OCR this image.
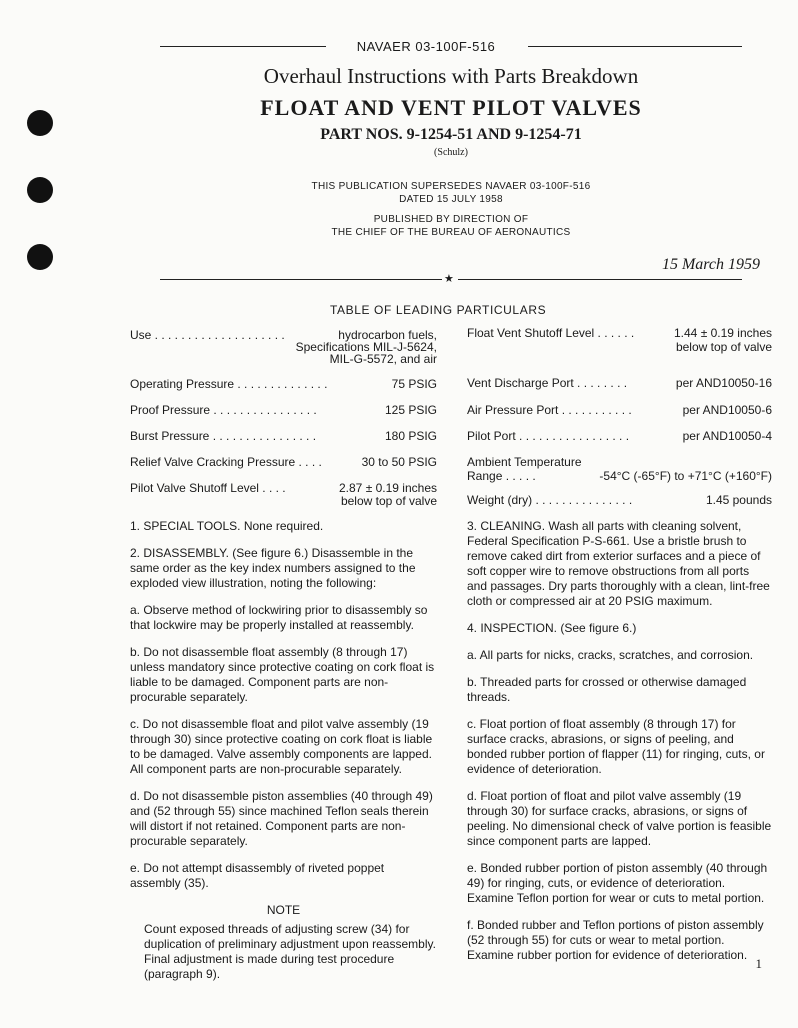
NAVAER 03-100F-516
Overhaul Instructions with Parts Breakdown
FLOAT AND VENT PILOT VALVES
PART NOS. 9-1254-51 AND 9-1254-71
(Schulz)
THIS PUBLICATION SUPERSEDES NAVAER 03-100F-516
DATED 15 JULY 1958
PUBLISHED BY DIRECTION OF
THE CHIEF OF THE BUREAU OF AERONAUTICS
15 March 1959
★
TABLE OF LEADING PARTICULARS
Use . . . . . . . . . . . . . . . . . . . .	hydrocarbon fuels,
Specifications MIL-J-5624,
MIL-G-5572, and air
Operating Pressure . . . . . . . . . . . . . .	75 PSIG
Proof Pressure . . . . . . . . . . . . . . . .	125 PSIG
Burst Pressure . . . . . . . . . . . . . . . .	180 PSIG
Relief Valve Cracking Pressure . . . .	30 to 50 PSIG
Pilot Valve Shutoff Level . . . .	2.87 ± 0.19 inches
below top of valve
Float Vent Shutoff Level . . . . . .	1.44 ± 0.19 inches
below top of valve
Vent Discharge Port . . . . . . . .	per AND10050-16
Air Pressure Port . . . . . . . . . . .	per AND10050-6
Pilot Port . . . . . . . . . . . . . . . . .	per AND10050-4
Ambient Temperature
Range . . . . .	-54°C (-65°F) to +71°C (+160°F)
Weight (dry) . . . . . . . . . . . . . . .	1.45 pounds

1. SPECIAL TOOLS. None required.

2. DISASSEMBLY. (See figure 6.) Disassemble in the same order as the key index numbers assigned to the exploded view illustration, noting the following:

a. Observe method of lockwiring prior to disassembly so that lockwire may be properly installed at reassembly.

b. Do not disassemble float assembly (8 through 17) unless mandatory since protective coating on cork float is liable to be damaged. Component parts are non-procurable separately.

c. Do not disassemble float and pilot valve assembly (19 through 30) since protective coating on cork float is liable to be damaged. Valve assembly components are lapped. All component parts are non-procurable separately.

d. Do not disassemble piston assemblies (40 through 49) and (52 through 55) since machined Teflon seals therein will distort if not retained. Component parts are non-procurable separately.

e. Do not attempt disassembly of riveted poppet assembly (35).

NOTE

Count exposed threads of adjusting screw (34) for duplication of preliminary adjustment upon reassembly. Final adjustment is made during test procedure (paragraph 9).

3. CLEANING. Wash all parts with cleaning solvent, Federal Specification P-S-661. Use a bristle brush to remove caked dirt from exterior surfaces and a piece of soft copper wire to remove obstructions from all ports and passages. Dry parts thoroughly with a clean, lint-free cloth or compressed air at 20 PSIG maximum.

4. INSPECTION. (See figure 6.)

a. All parts for nicks, cracks, scratches, and corrosion.

b. Threaded parts for crossed or otherwise damaged threads.

c. Float portion of float assembly (8 through 17) for surface cracks, abrasions, or signs of peeling, and bonded rubber portion of flapper (11) for ringing, cuts, or evidence of deterioration.

d. Float portion of float and pilot valve assembly (19 through 30) for surface cracks, abrasions, or signs of peeling. No dimensional check of valve portion is feasible since component parts are lapped.

e. Bonded rubber portion of piston assembly (40 through 49) for ringing, cuts, or evidence of deterioration. Examine Teflon portion for wear or cuts to metal portion.

f. Bonded rubber and Teflon portions of piston assembly (52 through 55) for cuts or wear to metal portion. Examine rubber portion for evidence of deterioration.

1
